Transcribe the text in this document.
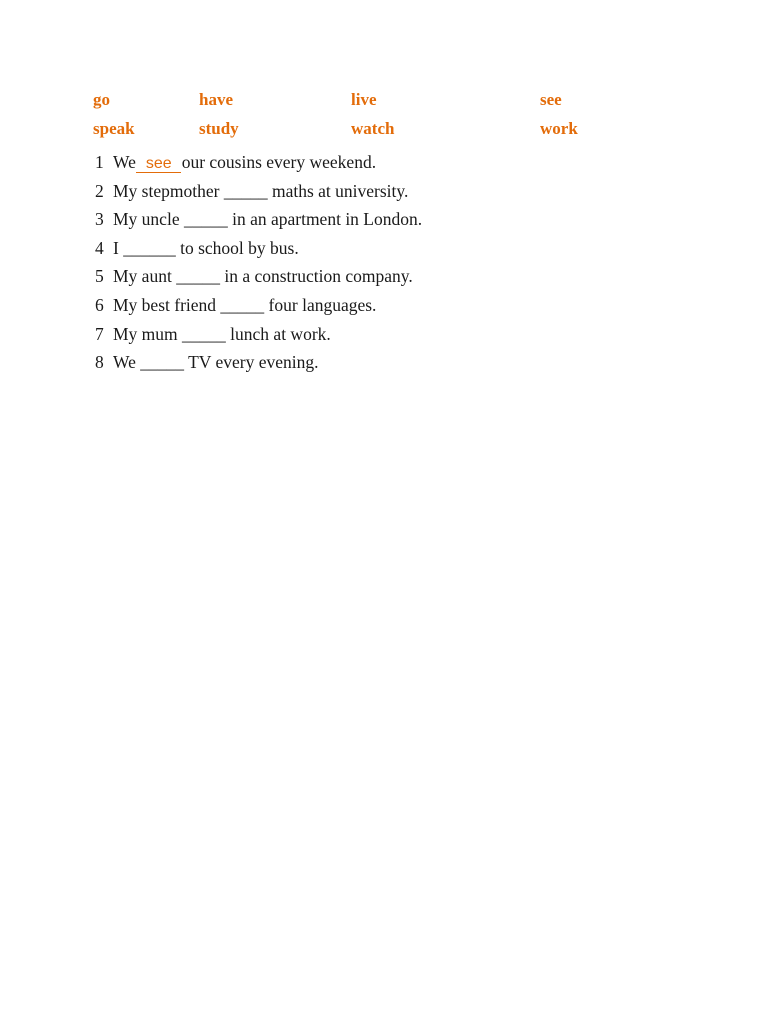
go	have	live	see
speak	study	watch	work
1 We see our cousins every weekend.
2 My stepmother _____ maths at university.
3 My uncle _____ in an apartment in London.
4 I ______ to school by bus.
5 My aunt _____ in a construction company.
6 My best friend _____ four languages.
7 My mum _____ lunch at work.
8 We _____ TV every evening.
